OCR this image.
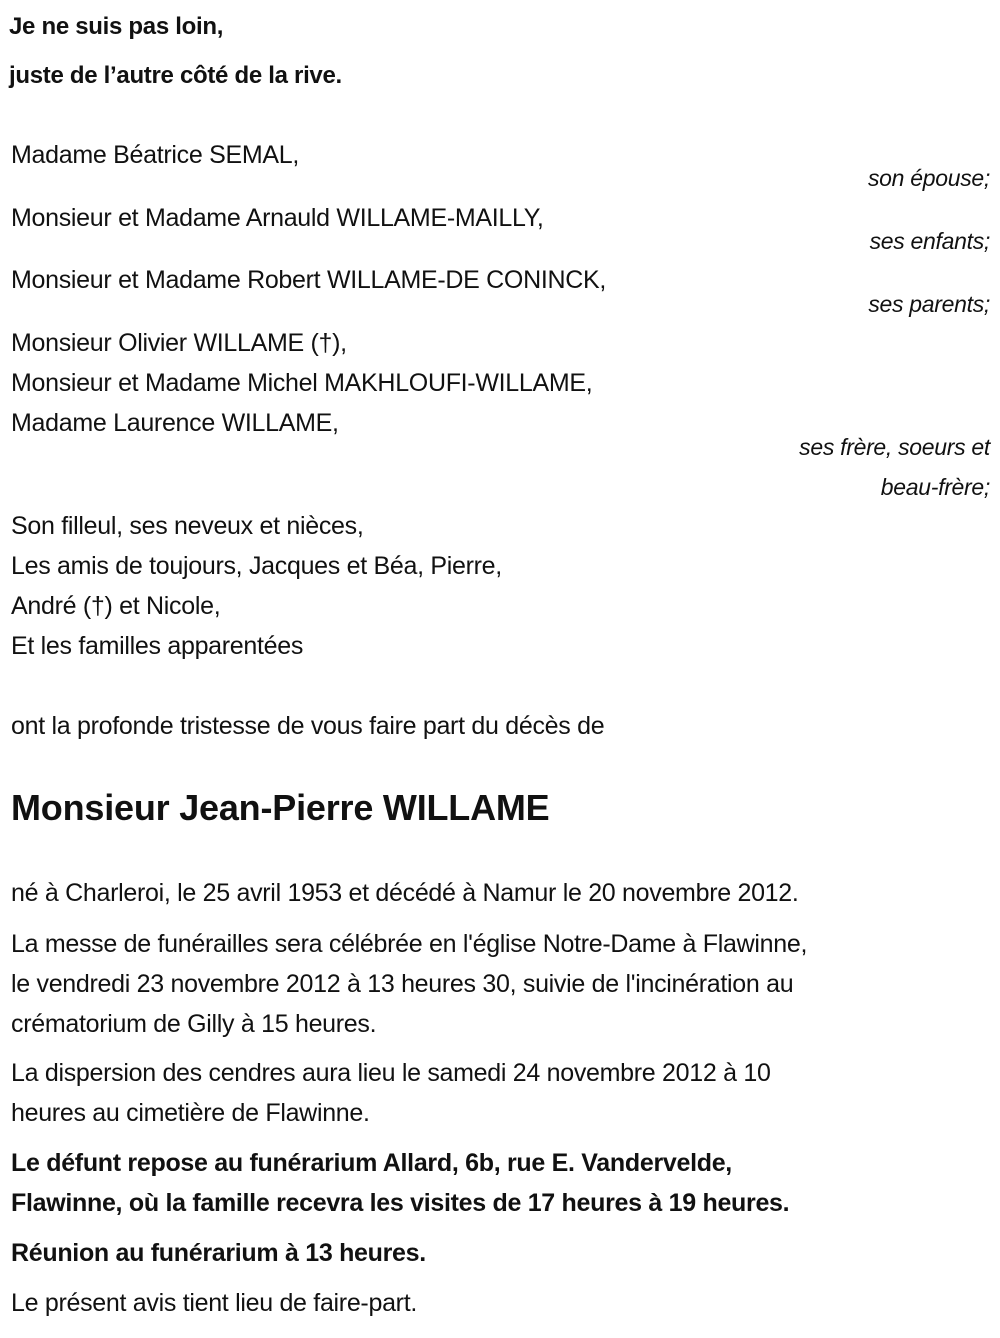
Je ne suis pas loin,
juste de l’autre côté de la rive.
Madame Béatrice SEMAL,
son épouse;
Monsieur et Madame Arnauld WILLAME-MAILLY,
ses enfants;
Monsieur et Madame Robert WILLAME-DE CONINCK,
ses parents;
Monsieur Olivier WILLAME (†),
Monsieur et Madame Michel MAKHLOUFI-WILLAME,
Madame Laurence WILLAME,
ses frère, soeurs et
beau-frère;
Son filleul, ses neveux et nièces,
Les amis de toujours, Jacques et Béa, Pierre,
André (†) et Nicole,
Et les familles apparentées
ont la profonde tristesse de vous faire part du décès de
Monsieur Jean-Pierre WILLAME
né à Charleroi, le 25 avril 1953 et décédé à Namur le 20 novembre 2012.
La messe de funérailles sera célébrée en l'église Notre-Dame à Flawinne,
le vendredi 23 novembre 2012 à 13 heures 30, suivie de l'incinération au
crématorium de Gilly à 15 heures.
La dispersion des cendres aura lieu le samedi 24 novembre 2012 à 10
heures au cimetière de Flawinne.
Le défunt repose au funérarium Allard, 6b, rue E. Vandervelde,
Flawinne, où la famille recevra les visites de 17 heures à 19 heures.
Réunion au funérarium à 13 heures.
Le présent avis tient lieu de faire-part.
